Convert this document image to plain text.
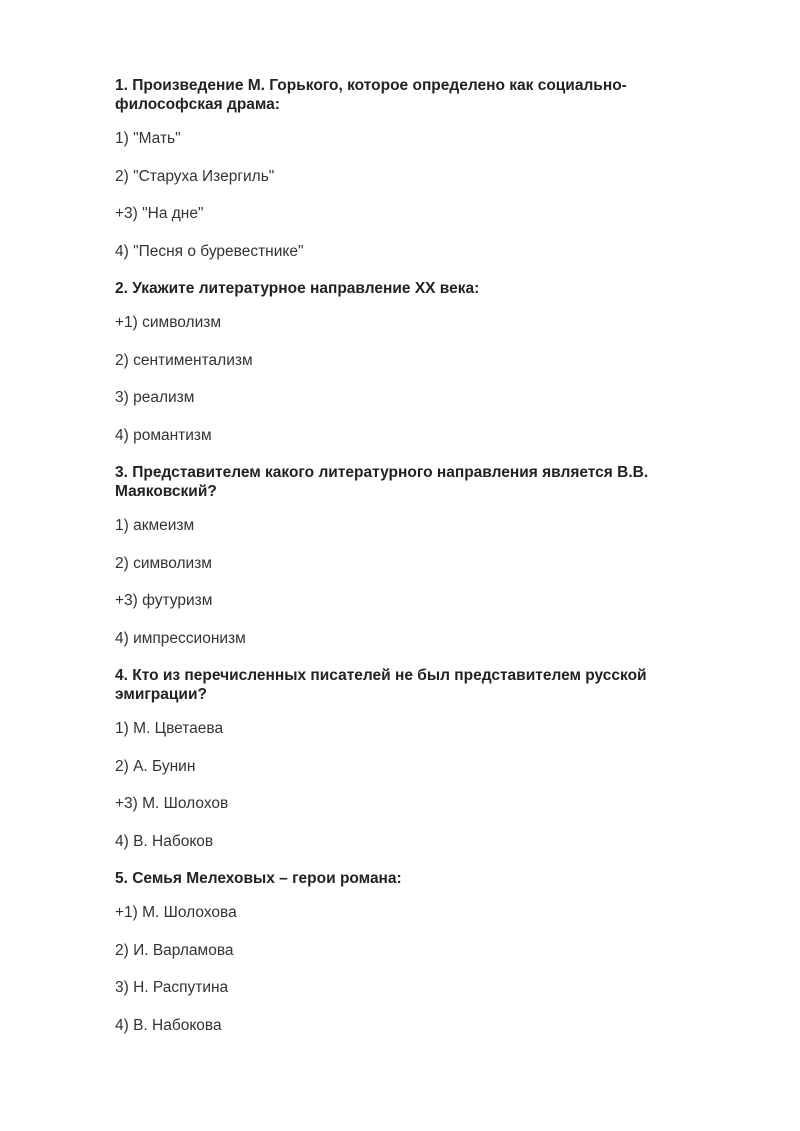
1. Произведение М. Горького, которое определено как социально-философская драма:

1) "Мать"

2) "Старуха Изергиль"

+3) "На дне"

4) "Песня о буревестнике"

2. Укажите литературное направление XX века:

+1) символизм

2) сентиментализм

3) реализм

4) романтизм

3. Представителем какого литературного направления является В.В. Маяковский?

1) акмеизм

2) символизм

+3) футуризм

4) импрессионизм

4. Кто из перечисленных писателей не был представителем русской эмиграции?

1) М. Цветаева

2) А. Бунин

+3) М. Шолохов

4) В. Набоков

5. Семья Мелеховых – герои романа:

+1) М. Шолохова

2) И. Варламова

3) Н. Распутина

4) В. Набокова
